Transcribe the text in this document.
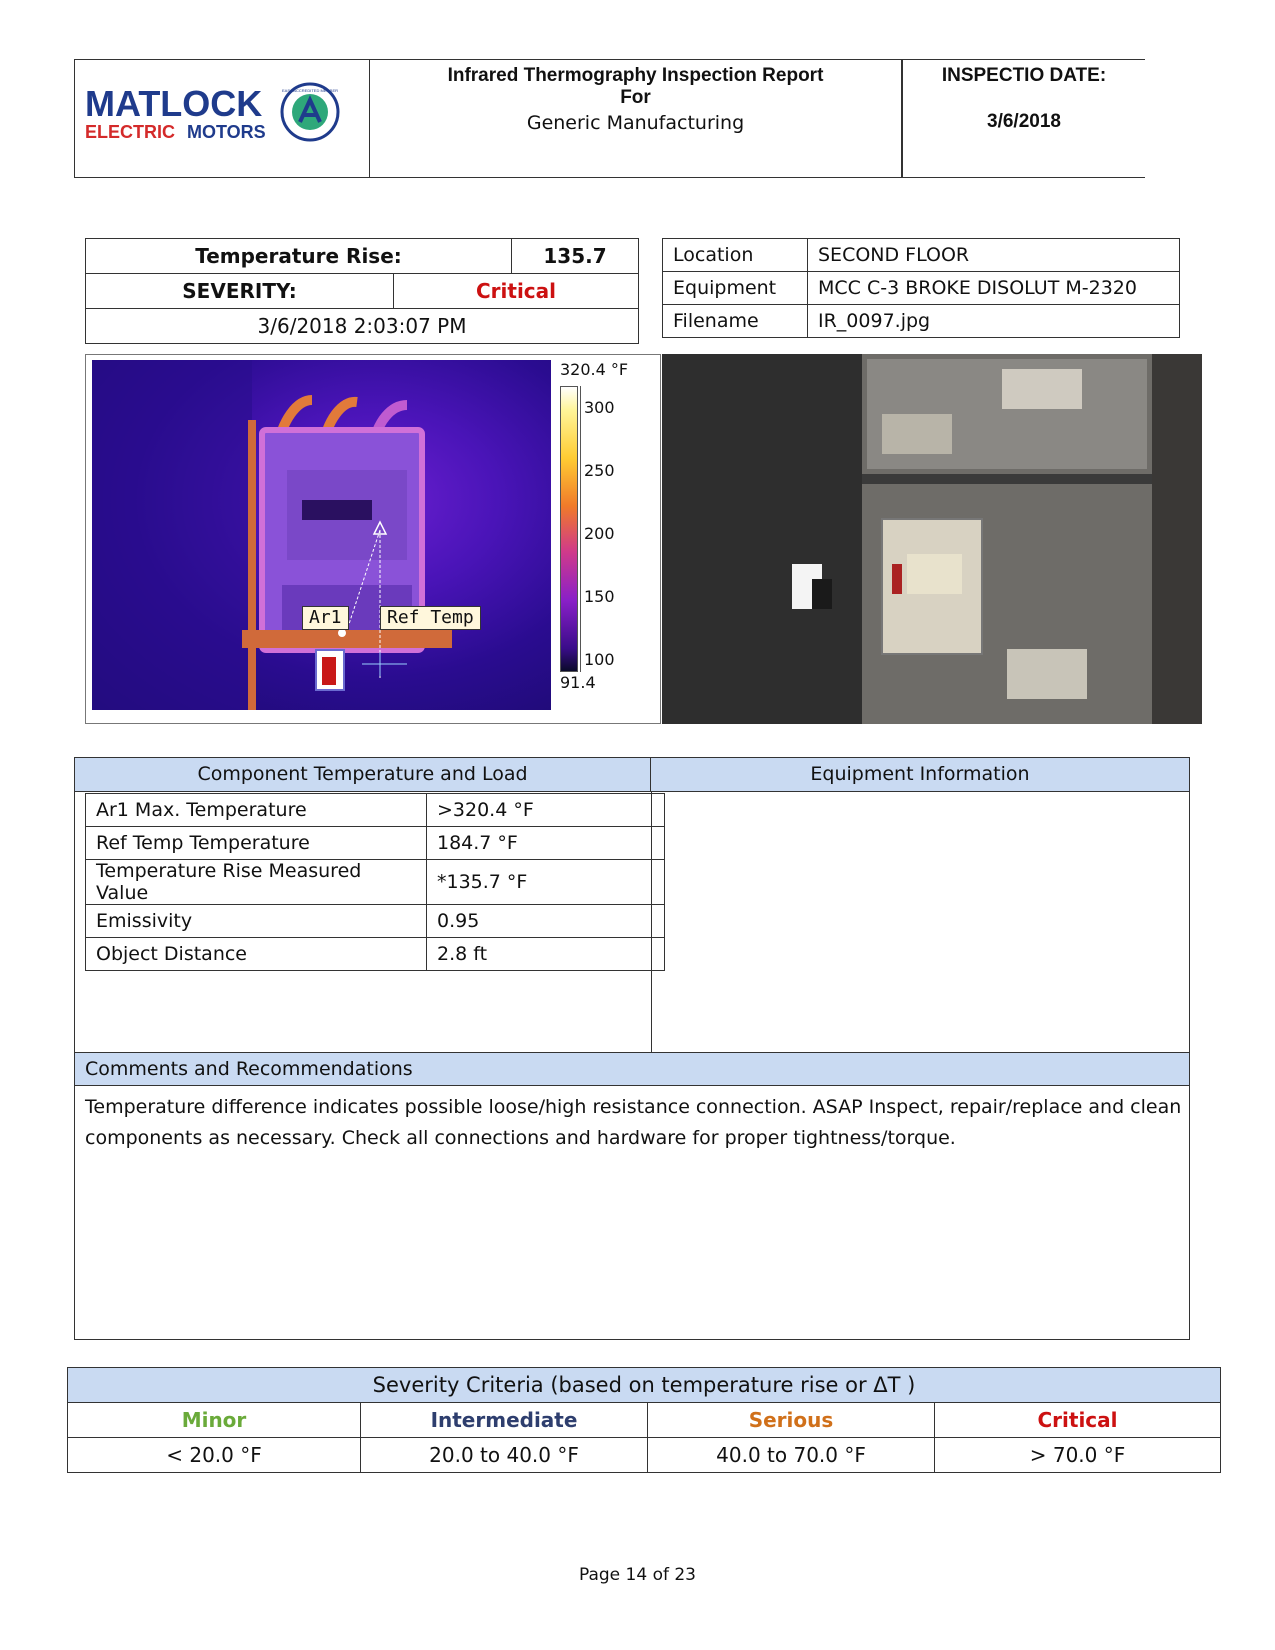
MATLOCK
ELECTRIC MOTORS
EASA ACCREDITED MEMBER
Infrared Thermography Inspection Report
For
Generic Manufacturing
INSPECTIO DATE:
3/6/2018
Temperature Rise:		135.7
SEVERITY:	Critical	
3/6/2018 2:03:07 PM		
Location	SECOND FLOOR
Equipment	MCC C-3 BROKE DISOLUT M-2320
Filename	IR_0097.jpg
Ar1	Ref Temp
320.4 °F
300
250
200
150
100
91.4
Component Temperature and Load	Equipment Information
Comments and Recommendations
Temperature difference indicates possible loose/high resistance connection. ASAP Inspect, repair/replace and clean
components as necessary. Check all connections and hardware for proper tightness/torque.
Ar1 Max. Temperature	>320.4 °F
Ref Temp Temperature	184.7 °F
Temperature Rise Measured Value	*135.7 °F
Emissivity	0.95
Object Distance	2.8 ft
Severity Criteria (based on temperature rise or ΔT )			
Minor	Intermediate	Serious	Critical
< 20.0 °F	20.0 to 40.0 °F	40.0 to 70.0 °F	> 70.0 °F
Page 14 of 23
